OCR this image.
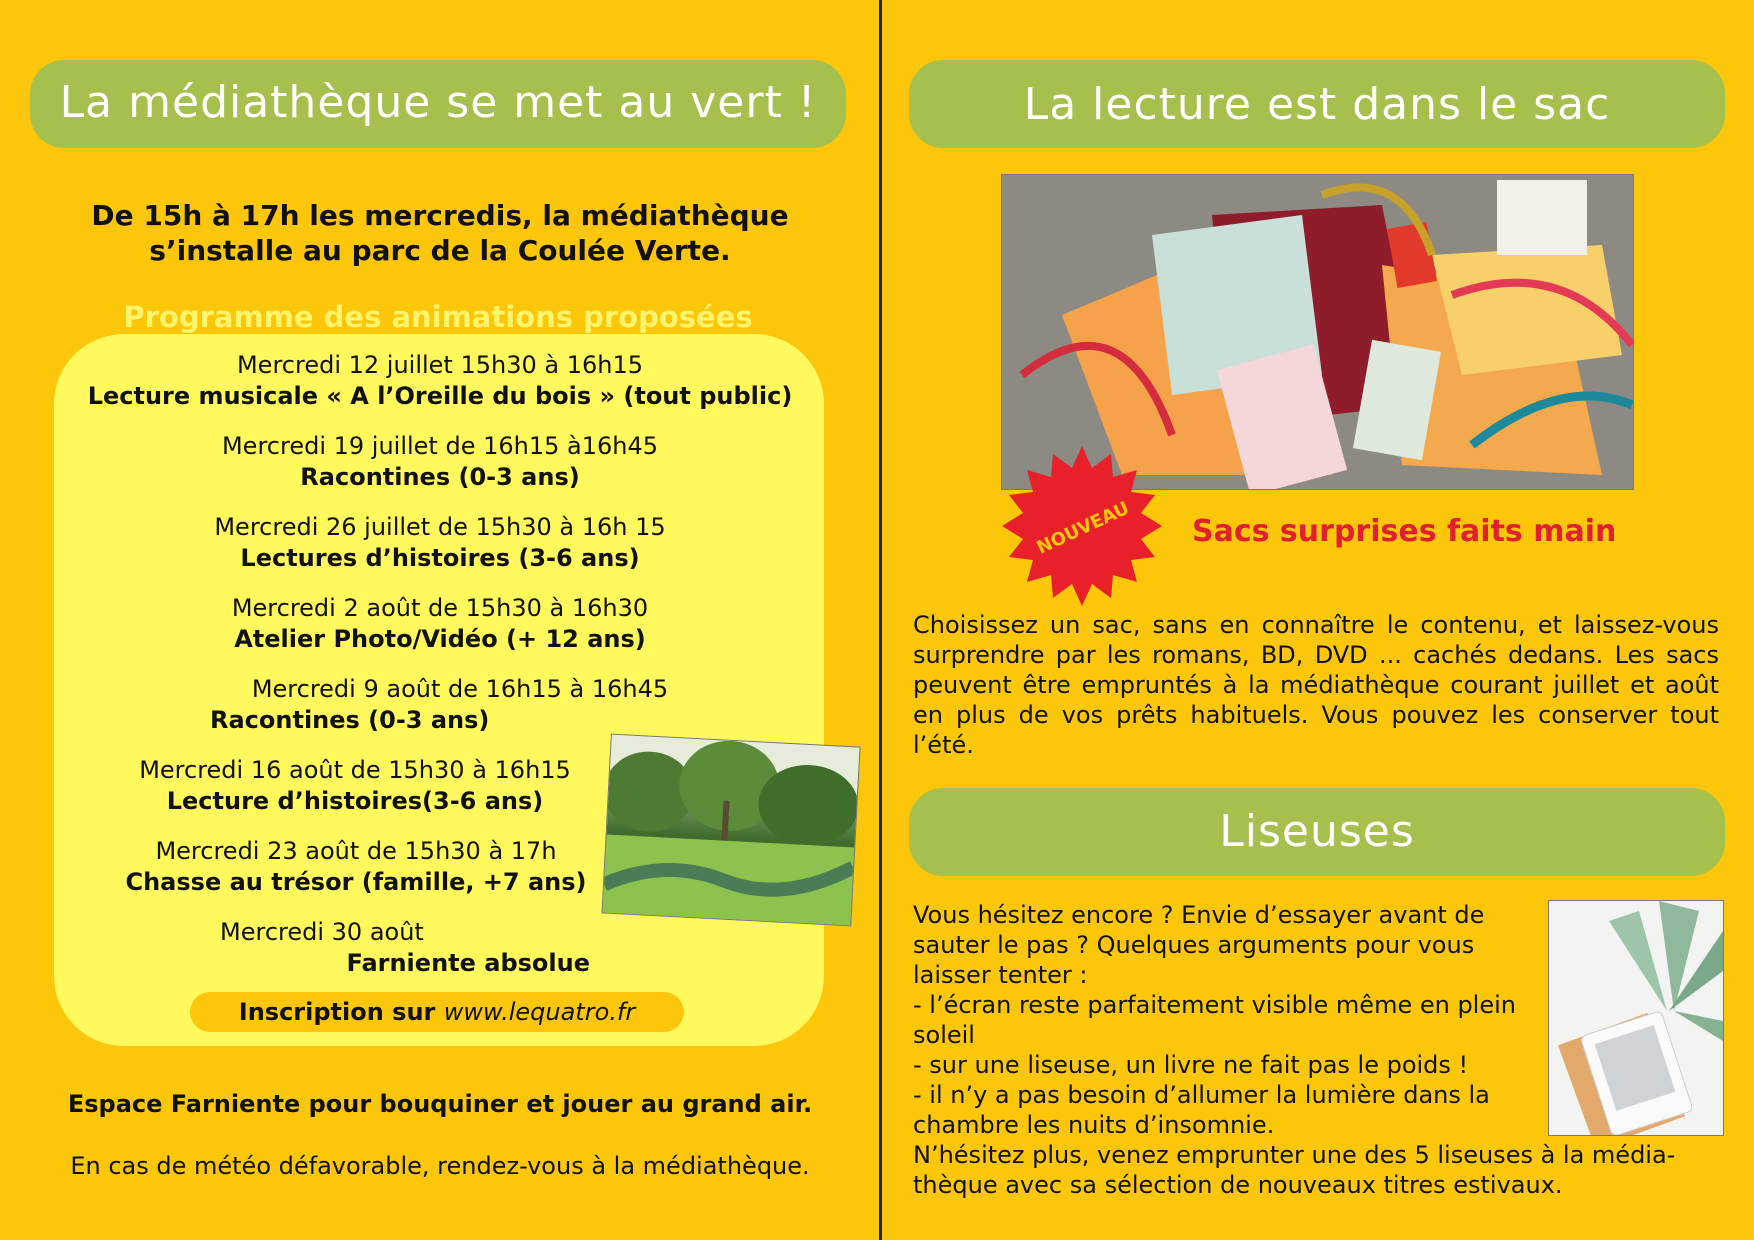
La médiathèque se met au vert !
De 15h à 17h les mercredis, la médiathèque
s’installe au parc de la Coulée Verte.
Programme des animations proposées
Mercredi 12 juillet 15h30 à 16h15
Lecture musicale « A l’Oreille du bois » (tout public)
Mercredi 19 juillet de 16h15 à16h45
Racontines (0-3 ans)
Mercredi 26 juillet de 15h30 à 16h 15
Lectures d’histoires (3-6 ans)
Mercredi 2 août de 15h30 à 16h30
Atelier Photo/Vidéo (+ 12 ans)
Mercredi 9 août de 16h15 à 16h45
Racontines (0-3 ans)
Mercredi 16 août de 15h30 à 16h15
Lecture d’histoires(3-6 ans)
Mercredi 23 août de 15h30 à 17h
Chasse au trésor (famille, +7 ans)
Mercredi 30 août
Farniente absolue
Inscription sur www.lequatro.fr
Espace Farniente pour bouquiner et jouer au grand air.
En cas de météo défavorable, rendez-vous à la médiathèque.
La lecture est dans le sac
NOUVEAU Sacs surprises faits main
Choisissez un sac, sans en connaître le contenu, et laissez-vous surprendre par les romans, BD, DVD ... cachés dedans. Les sacs peuvent être empruntés à la médiathèque courant juillet et août en plus de vos prêts habituels. Vous pouvez les conserver tout l’été.
Liseuses
Vous hésitez encore ? Envie d’essayer avant de
sauter le pas ? Quelques arguments pour vous
laisser tenter :
- l’écran reste parfaitement visible même en plein
soleil
- sur une liseuse, un livre ne fait pas le poids !
- il n’y a pas besoin d’allumer la lumière dans la
chambre les nuits d’insomnie.
N’hésitez plus, venez emprunter une des 5 liseuses à la média-
thèque avec sa sélection de nouveaux titres estivaux.
